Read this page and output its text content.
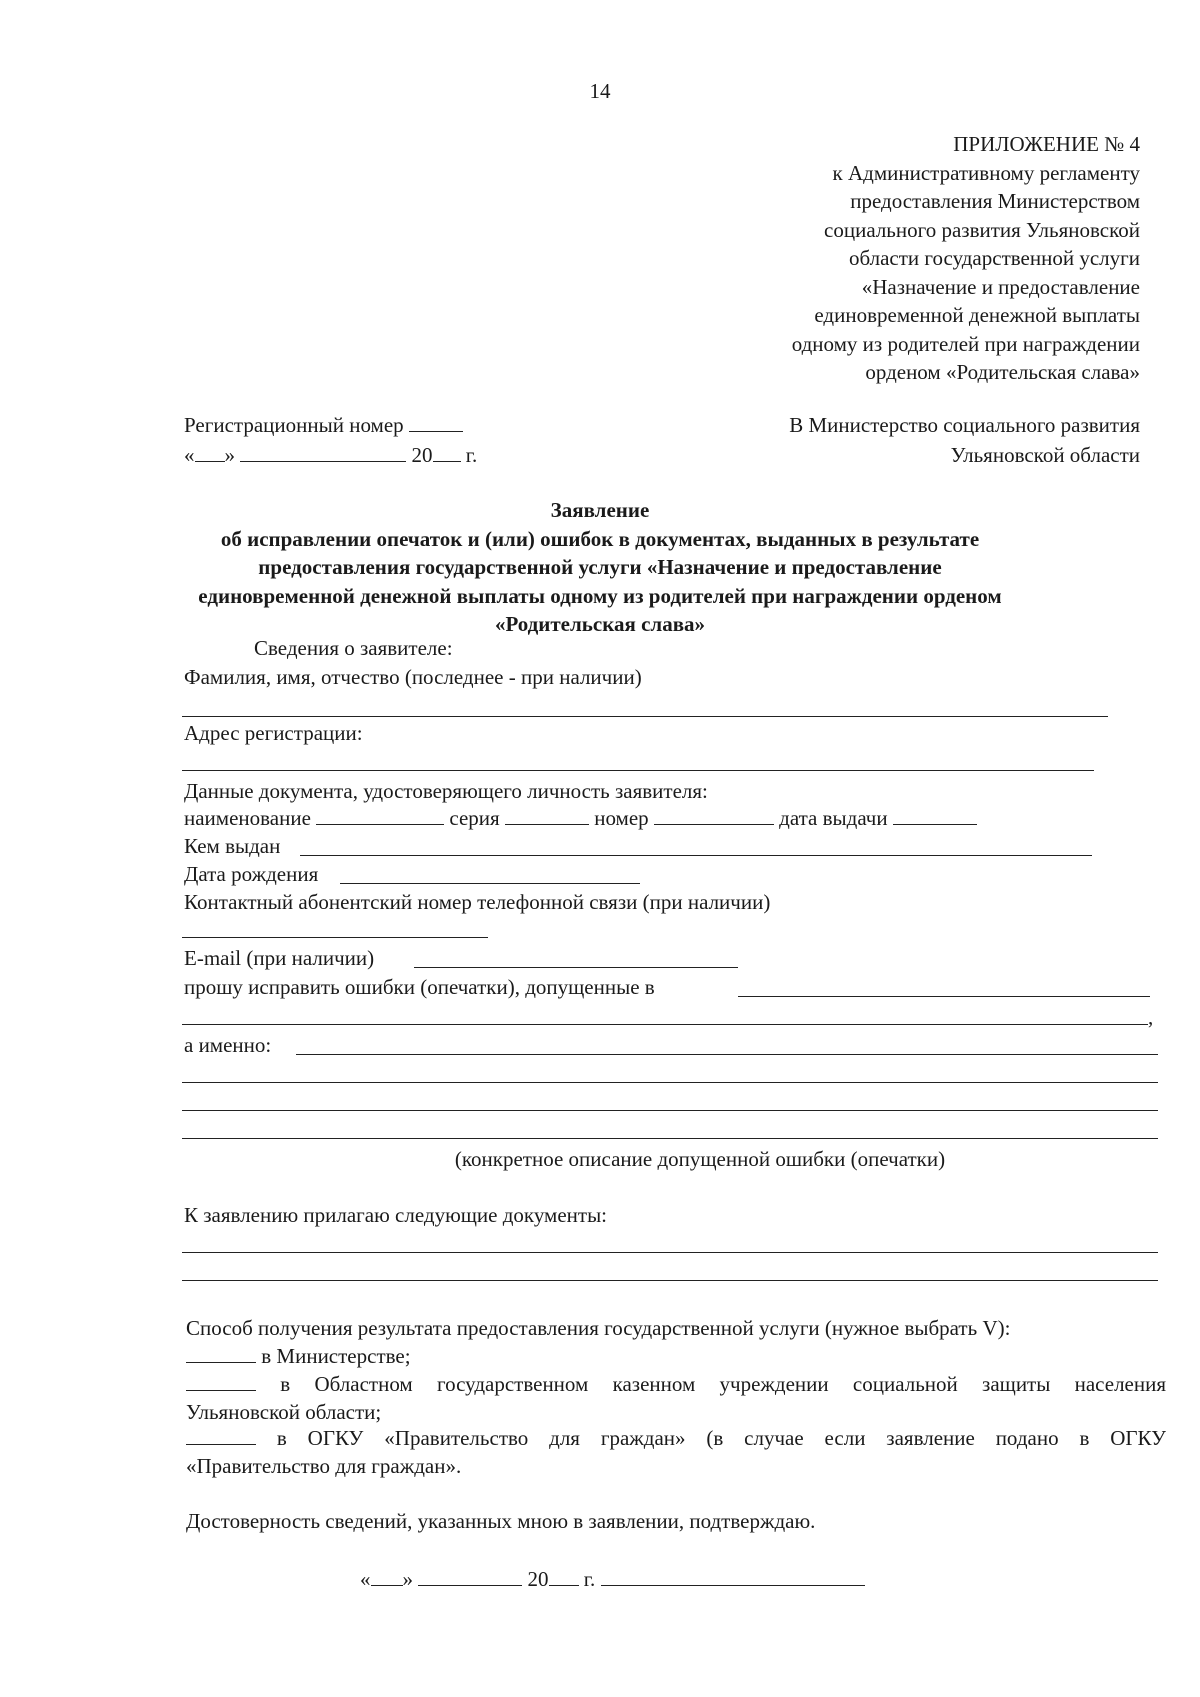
14
ПРИЛОЖЕНИЕ № 4
к Административному регламенту
предоставления Министерством
социального развития Ульяновской
области государственной услуги
«Назначение и предоставление
единовременной денежной выплаты
одному из родителей при награждении
орденом «Родительская слава»
Регистрационный номер
« »	20 г.
В Министерство социального развития
Ульяновской области
Заявление
об исправлении опечаток и (или) ошибок в документах, выданных в результате
предоставления государственной услуги «Назначение и предоставление
единовременной денежной выплаты одному из родителей при награждении орденом
«Родительская слава»
Сведения о заявителе:
Фамилия, имя, отчество (последнее - при наличии)
Адрес регистрации:
Данные документа, удостоверяющего личность заявителя:
наименование	серия	номер	дата выдачи
Кем выдан
Дата рождения
Контактный абонентский номер телефонной связи (при наличии)
E-mail (при наличии)
прошу исправить ошибки (опечатки), допущенные в
,
а именно:
(конкретное описание допущенной ошибки (опечатки)
К заявлению прилагаю следующие документы:
Способ получения результата предоставления государственной услуги (нужное выбрать V):
в Министерстве;
в Областном государственном казенном учреждении социальной защиты населения
Ульяновской области;
в ОГКУ «Правительство для граждан» (в случае если заявление подано в ОГКУ
«Правительство для граждан».
Достоверность сведений, указанных мною в заявлении, подтверждаю.
« »	20 г.
